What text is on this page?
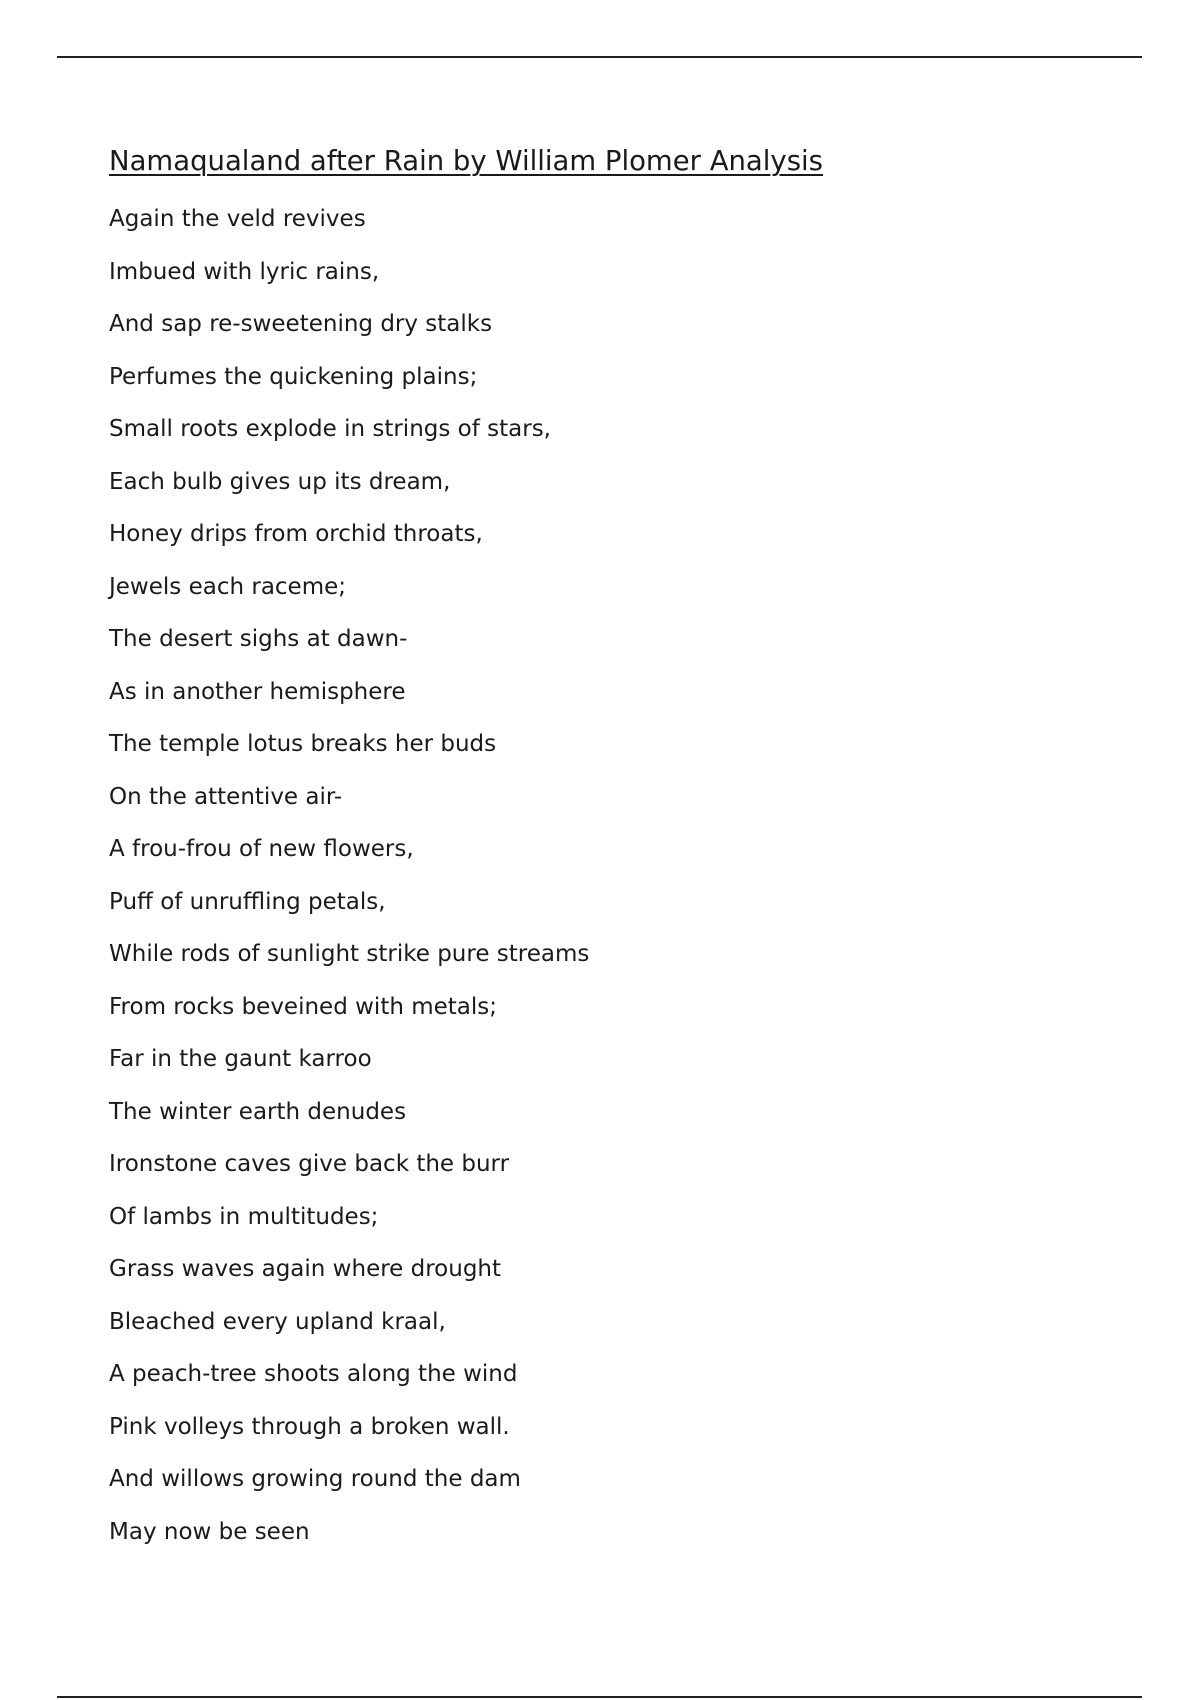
Namaqualand after Rain by William Plomer Analysis
Again the veld revives
Imbued with lyric rains,
And sap re-sweetening dry stalks
Perfumes the quickening plains;
Small roots explode in strings of stars,
Each bulb gives up its dream,
Honey drips from orchid throats,
Jewels each raceme;
The desert sighs at dawn-
As in another hemisphere
The temple lotus breaks her buds
On the attentive air-
A frou-frou of new flowers,
Puff of unruffling petals,
While rods of sunlight strike pure streams
From rocks beveined with metals;
Far in the gaunt karroo
The winter earth denudes
Ironstone caves give back the burr
Of lambs in multitudes;
Grass waves again where drought
Bleached every upland kraal,
A peach-tree shoots along the wind
Pink volleys through a broken wall.
And willows growing round the dam
May now be seen
